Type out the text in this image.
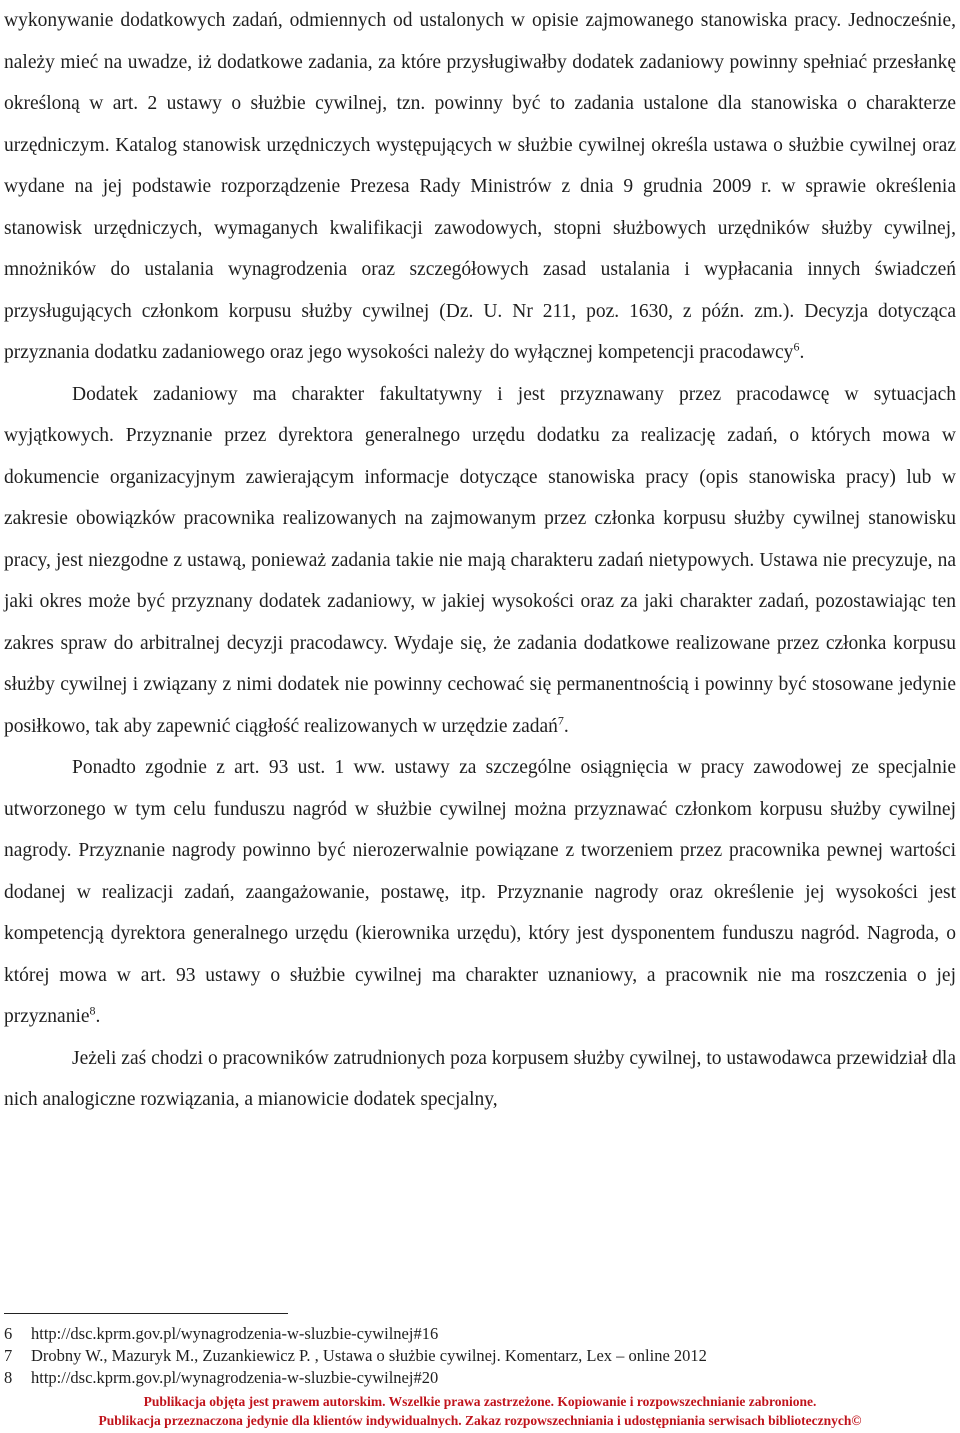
wykonywanie dodatkowych zadań, odmiennych od ustalonych w opisie zajmowanego stanowiska pracy. Jednocześnie, należy mieć na uwadze, iż dodatkowe zadania, za które przysługiwałby dodatek zadaniowy powinny spełniać przesłankę określoną w art. 2 ustawy o służbie cywilnej, tzn. powinny być to zadania ustalone dla stanowiska o charakterze urzędniczym. Katalog stanowisk urzędniczych występujących w służbie cywilnej określa ustawa o służbie cywilnej oraz wydane na jej podstawie rozporządzenie Prezesa Rady Ministrów z dnia 9 grudnia 2009 r. w sprawie określenia stanowisk urzędniczych, wymaganych kwalifikacji zawodowych, stopni służbowych urzędników służby cywilnej, mnożników do ustalania wynagrodzenia oraz szczegółowych zasad ustalania i wypłacania innych świadczeń przysługujących członkom korpusu służby cywilnej (Dz. U. Nr 211, poz. 1630, z późn. zm.). Decyzja dotycząca przyznania dodatku zadaniowego oraz jego wysokości należy do wyłącznej kompetencji pracodawcy$^6$.

Dodatek zadaniowy ma charakter fakultatywny i jest przyznawany przez pracodawcę w sytuacjach wyjątkowych. Przyznanie przez dyrektora generalnego urzędu dodatku za realizację zadań, o których mowa w dokumencie organizacyjnym zawierającym informacje dotyczące stanowiska pracy (opis stanowiska pracy) lub w zakresie obowiązków pracownika realizowanych na zajmowanym przez członka korpusu służby cywilnej stanowisku pracy, jest niezgodne z ustawą, ponieważ zadania takie nie mają charakteru zadań nietypowych. Ustawa nie precyzuje, na jaki okres może być przyznany dodatek zadaniowy, w jakiej wysokości oraz za jaki charakter zadań, pozostawiając ten zakres spraw do arbitralnej decyzji pracodawcy. Wydaje się, że zadania dodatkowe realizowane przez członka korpusu służby cywilnej i związany z nimi dodatek nie powinny cechować się permanentnością i powinny być stosowane jedynie posiłkowo, tak aby zapewnić ciągłość realizowanych w urzędzie zadań$^7$.

Ponadto zgodnie z art. 93 ust. 1 ww. ustawy za szczególne osiągnięcia w pracy zawodowej ze specjalnie utworzonego w tym celu funduszu nagród w służbie cywilnej można przyznawać członkom korpusu służby cywilnej nagrody. Przyznanie nagrody powinno być nierozerwalnie powiązane z tworzeniem przez pracownika pewnej wartości dodanej w realizacji zadań, zaangażowanie, postawę, itp. Przyznanie nagrody oraz określenie jej wysokości jest kompetencją dyrektora generalnego urzędu (kierownika urzędu), który jest dysponentem funduszu nagród. Nagroda, o której mowa w art. 93 ustawy o służbie cywilnej ma charakter uznaniowy, a pracownik nie ma roszczenia o jej przyznanie$^8$.

Jeżeli zaś chodzi o pracowników zatrudnionych poza korpusem służby cywilnej, to ustawodawca przewidział dla nich analogiczne rozwiązania, a mianowicie dodatek specjalny,

6	http://dsc.kprm.gov.pl/wynagrodzenia-w-sluzbie-cywilnej#16
7	Drobny W., Mazuryk M., Zuzankiewicz P. , Ustawa o służbie cywilnej. Komentarz, Lex – online 2012
8	http://dsc.kprm.gov.pl/wynagrodzenia-w-sluzbie-cywilnej#20
Publikacja objęta jest prawem autorskim. Wszelkie prawa zastrzeżone. Kopiowanie i rozpowszechnianie zabronione.
Publikacja przeznaczona jedynie dla klientów indywidualnych. Zakaz rozpowszechniania i udostępniania serwisach bibliotecznych©
